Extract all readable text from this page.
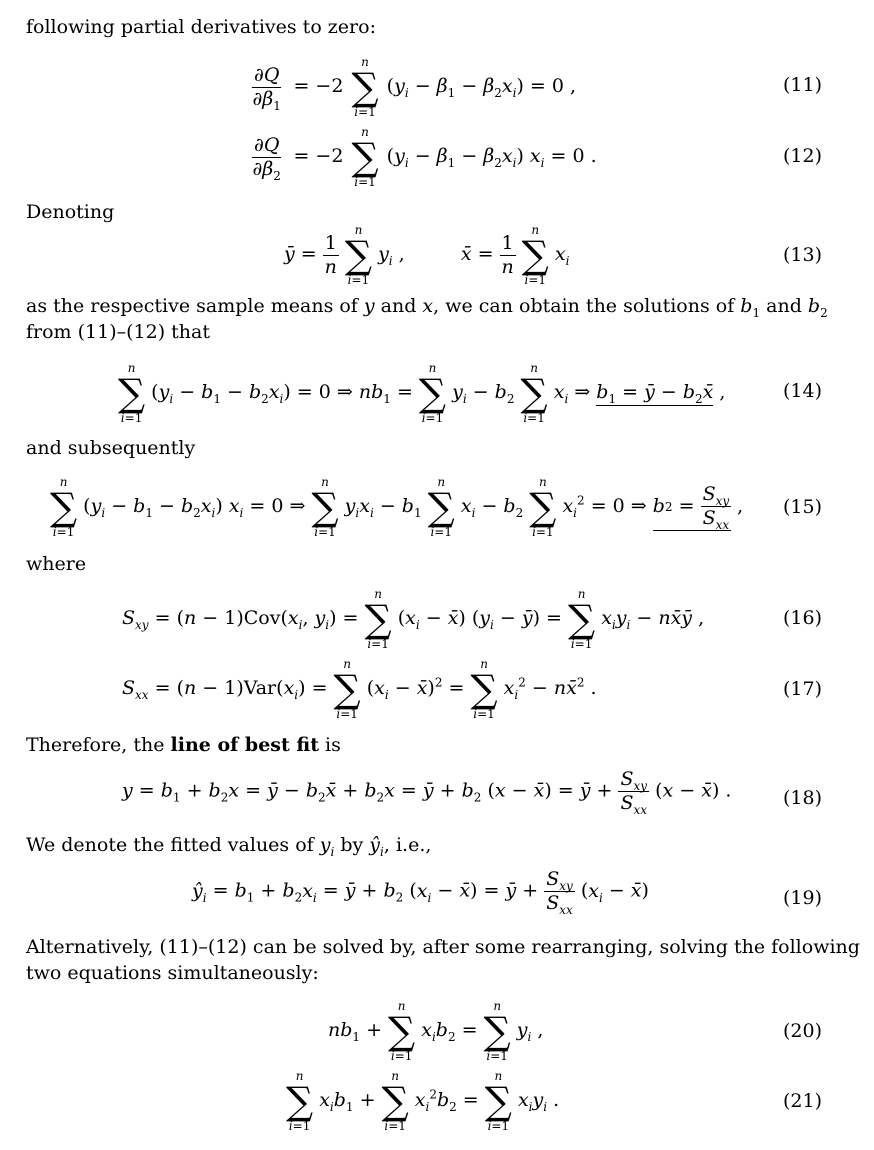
following partial derivatives to zero:
$\frac{\partial Q}{\partial\beta_1} = -2$
n
∑
i=1
$(y_i - \beta_1 - \beta_2x_i) = 0$ ,	(11)
$\frac{\partial Q}{\partial\beta_2} = -2$
n
∑
i=1
$(y_i - \beta_1 - \beta_2x_i) x_i = 0$ .	(12)
Denoting
ȳ = $\frac{1}{n}$

n
∑
i=1
$y_i$ ,	x̄ = $\frac{1}{n}$

n
∑
i=1
$x_i$	(13)
as the respective sample means of y and x, we can obtain the solutions of $b_1$ and $b_2$
from (11)–(12) that
n
∑
i=1
$(y_i - b_1 - b_2x_i) = 0$ ⇒ $nb_1$ =
n
∑
i=1
$y_i - b_2$
n
∑
i=1
$x_i$ ⇒ $b_1$ = ȳ − $b_2x̄$ ,	(14)
and subsequently
n
∑
i=1
$(y_i - b_1 - b_2x_i) x_i = 0$ ⇒
n
∑
i=1
$y_ix_i - b_1$
n
∑
i=1
$x_i - b_2$
n
∑
i=1
$x_i^2 = 0$ ⇒ b $2 = \frac{S_{xy}}{S_{xx}}$ , (15)
where
$S_{xy} = (n - 1)Cov(x_i$, $y_i$) =
n
∑
i=1
($x_i$ − x̄) ($y_i$ − ȳ) =
n
∑
i=1
$x_iy_i$ − nx̄ȳ ,	(16)
$S_{xx} = (n - 1)Var(x_i)$ =
n
∑
i=1
($x_i$ − x̄)$^2$ =
n
∑
i=1
$x_i^2$ − nx̄$^2$ .	(17)
Therefore, the line of best fit is
$y = b_1 + b_2x$ = ȳ − $b_2x̄ + b_2x$ = ȳ + $b_2$ (x − x̄) = ȳ + $\frac{S_{xy}}{S_{xx}} (x$ − x̄) .	(18)
We denote the fitted values of $y_i$ by $ŷ_i$, i.e.,
$ŷ_i = b_1 + b_2x_i$ = ȳ + $b_2$ ($x_i$ − x̄) = ȳ + $\frac{S_{xy}}{S_{xx}} (x_i$ − x̄)	(19)
Alternatively, (11)–(12) can be solved by, after some rearranging, solving the following
two equations simultaneously:
$nb_1$ +
n
∑
i=1
$x_ib_2$ =
n
∑
i=1
$y_i$ ,	(20)
n
∑
i=1
$x_ib_1$ +
n
∑
i=1
$x_i^2b_2$ =
n
∑
i=1
$x_iy_i$ .	(21)
